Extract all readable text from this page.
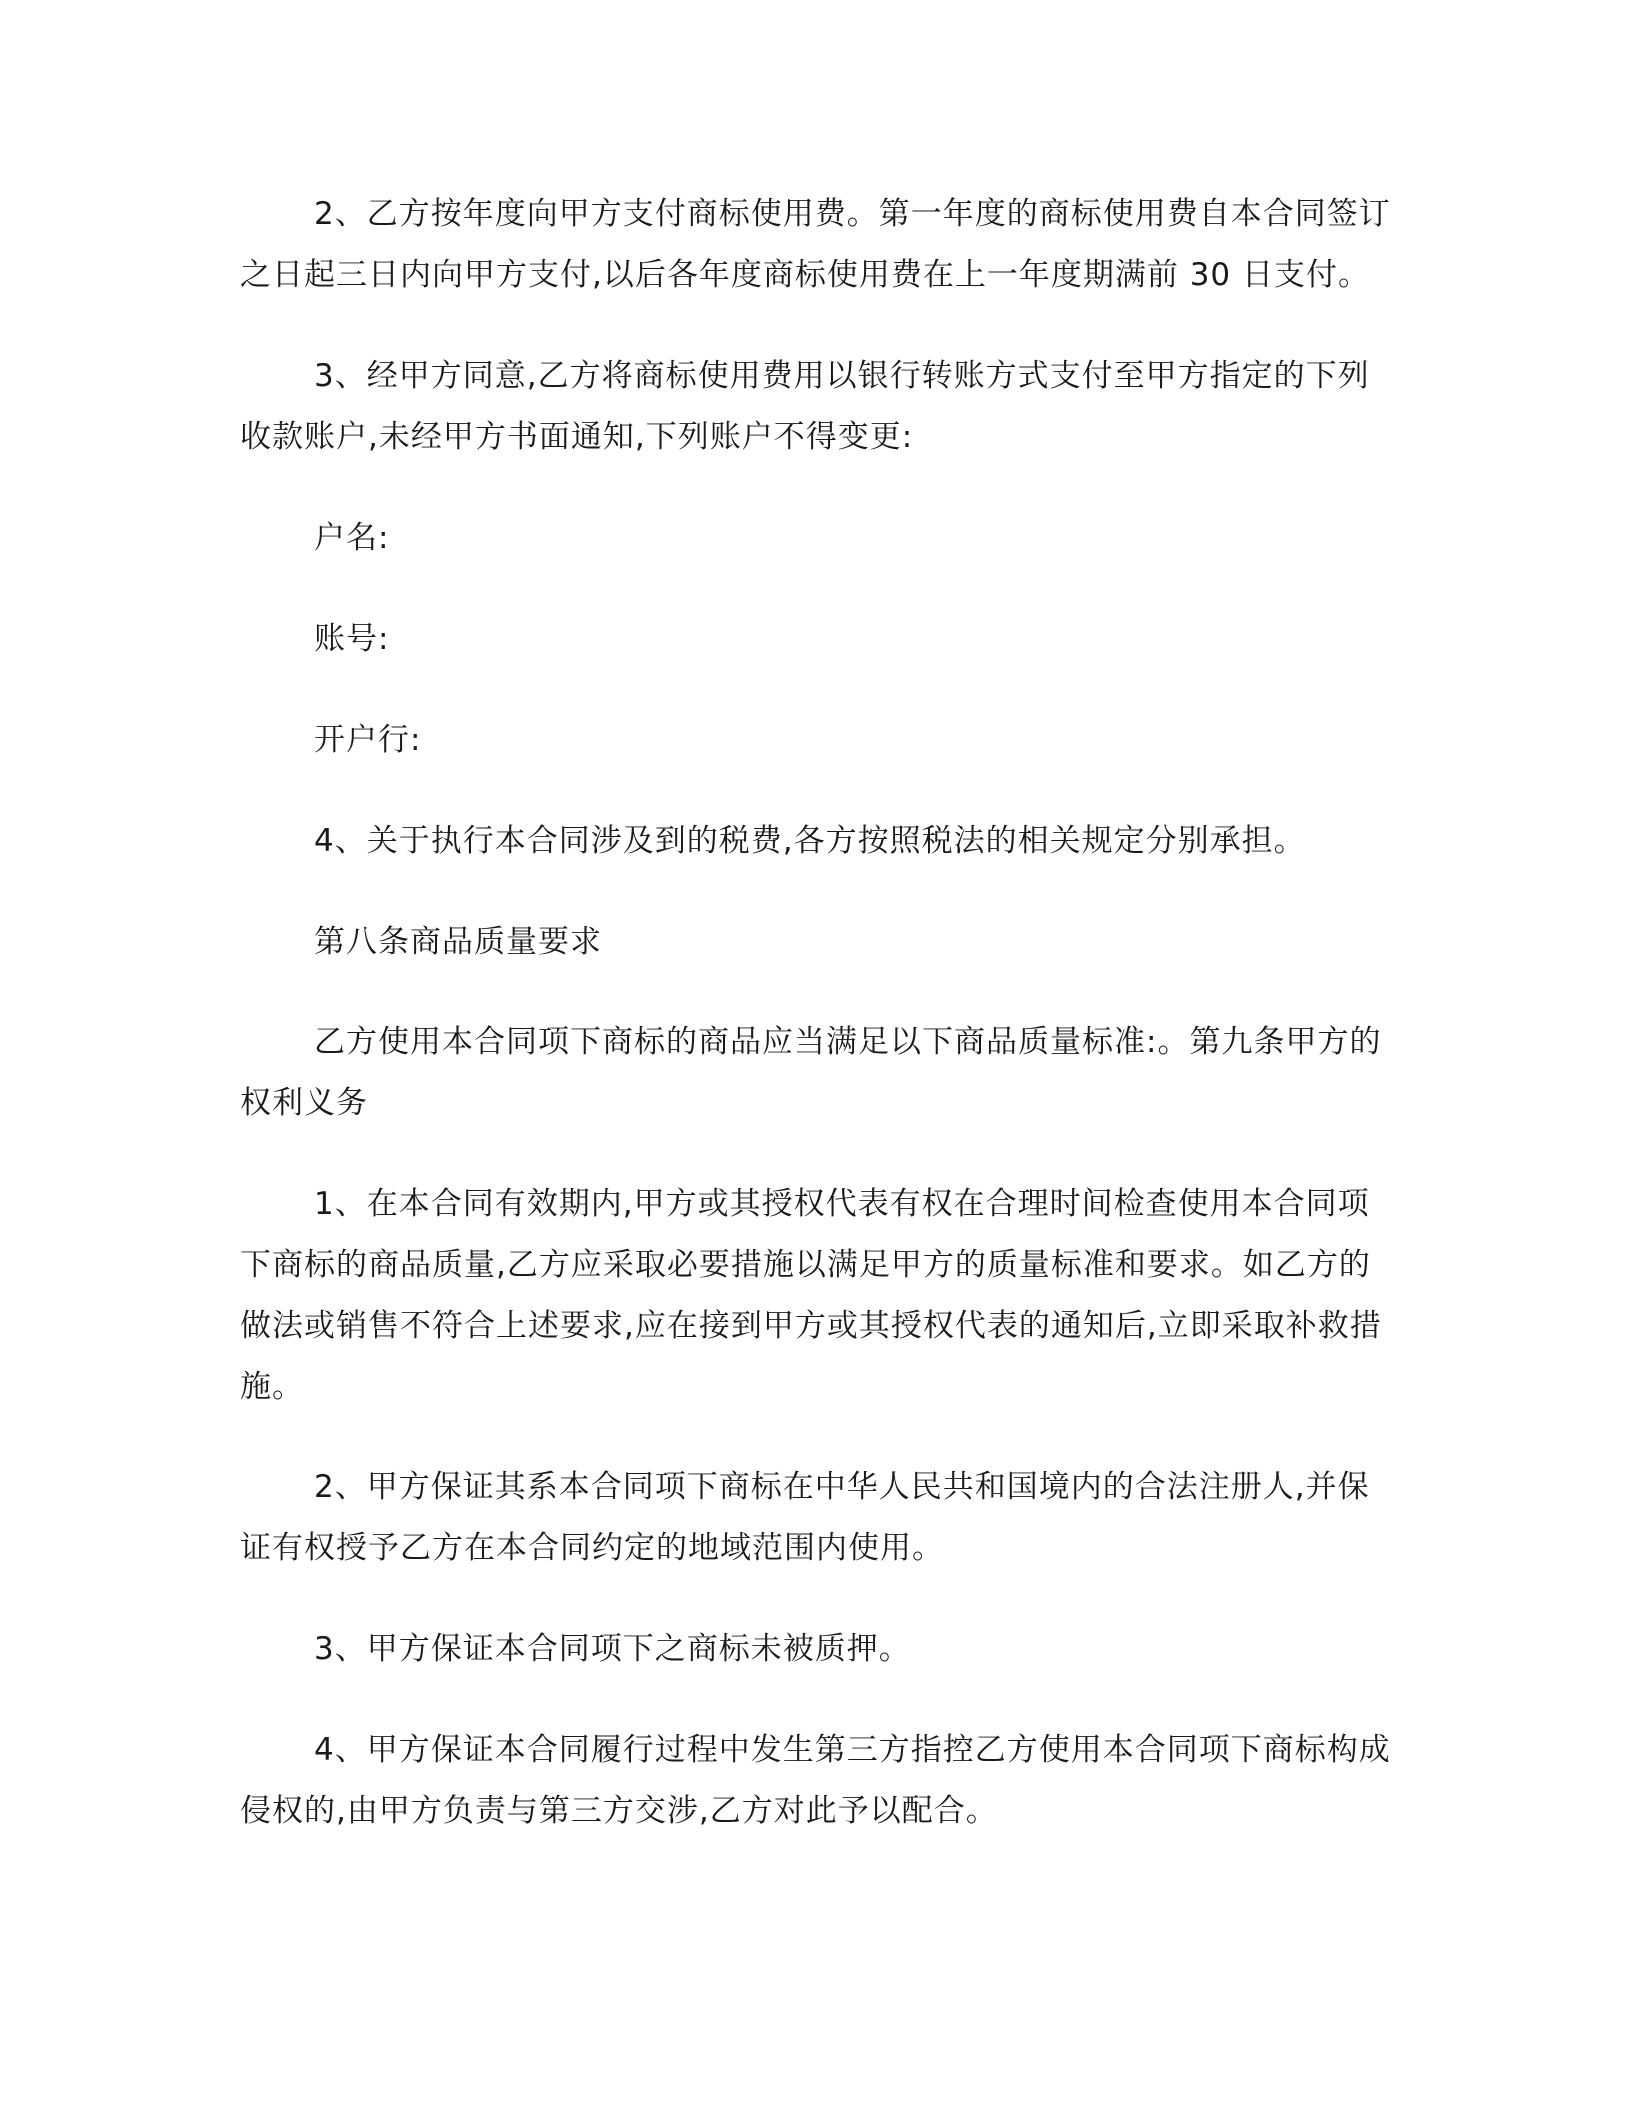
2、乙方按年度向甲方支付商标使用费。第一年度的商标使用费自本合同签订之日起三日内向甲方支付,以后各年度商标使用费在上一年度期满前 30 日支付。

3、经甲方同意,乙方将商标使用费用以银行转账方式支付至甲方指定的下列收款账户,未经甲方书面通知,下列账户不得变更:

户名:

账号:

开户行:

4、关于执行本合同涉及到的税费,各方按照税法的相关规定分别承担。

第八条商品质量要求

乙方使用本合同项下商标的商品应当满足以下商品质量标准:。第九条甲方的权利义务

1、在本合同有效期内,甲方或其授权代表有权在合理时间检查使用本合同项下商标的商品质量,乙方应采取必要措施以满足甲方的质量标准和要求。如乙方的做法或销售不符合上述要求,应在接到甲方或其授权代表的通知后,立即采取补救措施。

2、甲方保证其系本合同项下商标在中华人民共和国境内的合法注册人,并保证有权授予乙方在本合同约定的地域范围内使用。

3、甲方保证本合同项下之商标未被质押。

4、甲方保证本合同履行过程中发生第三方指控乙方使用本合同项下商标构成侵权的,由甲方负责与第三方交涉,乙方对此予以配合。
